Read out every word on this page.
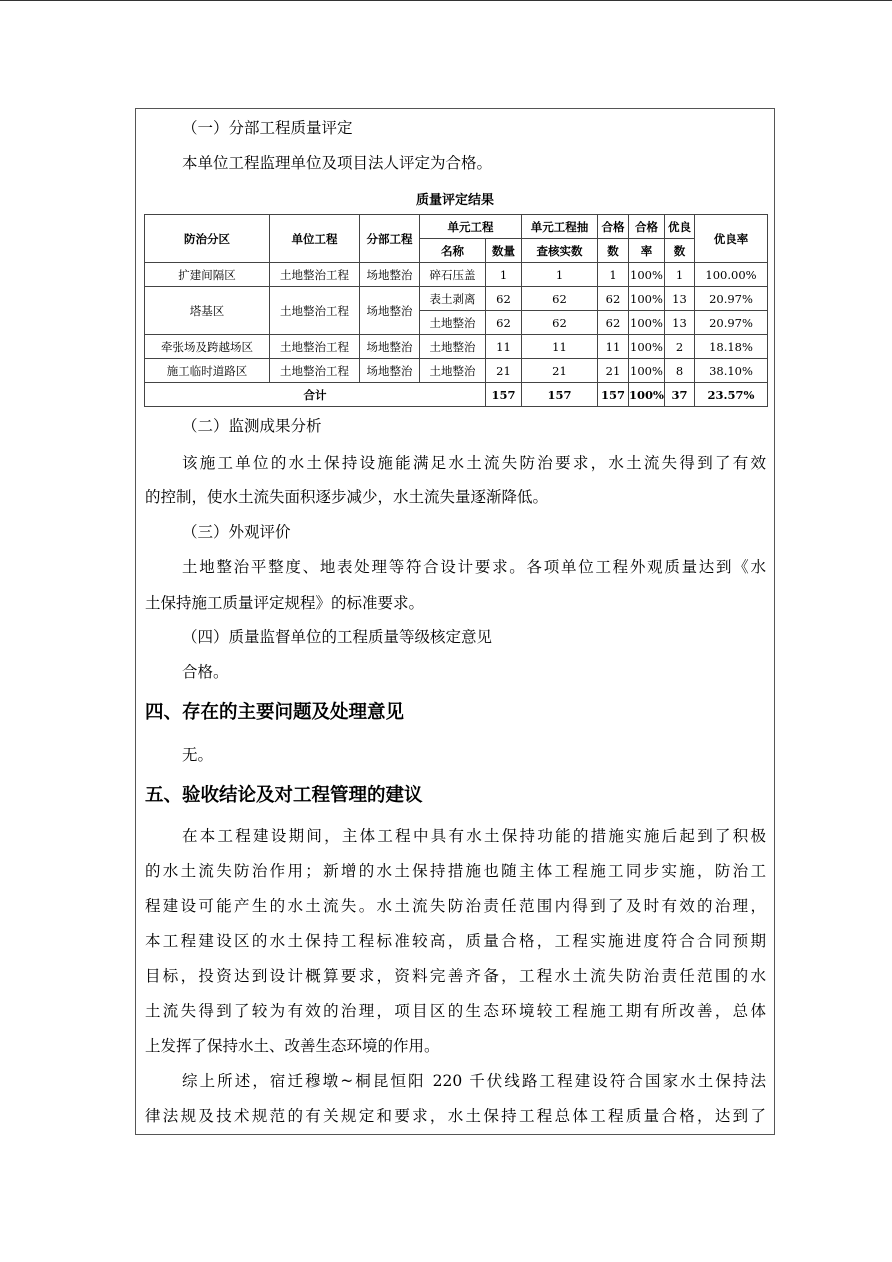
（一）分部工程质量评定
本单位工程监理单位及项目法人评定为合格。
质量评定结果
防治分区	单位工程	分部工程	单元工程		单元工程抽	合格	合格	优良	优良率
			名称	数量	查核实数	数	率	数	
扩建间隔区	土地整治工程	场地整治	碎石压盖	1	1	1	100%	1	100.00%
塔基区	土地整治工程	场地整治	表土剥离	62	62	62	100%	13	20.97%
			土地整治	62	62	62	100%	13	20.97%
牵张场及跨越场区	土地整治工程	场地整治	土地整治	11	11	11	100%	2	18.18%
施工临时道路区	土地整治工程	场地整治	土地整治	21	21	21	100%	8	38.10%
合计				157	157	157	100%	37	23.57%
（二）监测成果分析
该施工单位的水土保持设施能满足水土流失防治要求，水土流失得到了有效
的控制，使水土流失面积逐步减少，水土流失量逐渐降低。
（三）外观评价
土地整治平整度、地表处理等符合设计要求。各项单位工程外观质量达到《水
土保持施工质量评定规程》的标准要求。
（四）质量监督单位的工程质量等级核定意见
合格。
四、存在的主要问题及处理意见
无。
五、验收结论及对工程管理的建议
在本工程建设期间，主体工程中具有水土保持功能的措施实施后起到了积极
的水土流失防治作用；新增的水土保持措施也随主体工程施工同步实施，防治工
程建设可能产生的水土流失。水土流失防治责任范围内得到了及时有效的治理，
本工程建设区的水土保持工程标准较高，质量合格，工程实施进度符合合同预期
目标，投资达到设计概算要求，资料完善齐备，工程水土流失防治责任范围的水
土流失得到了较为有效的治理，项目区的生态环境较工程施工期有所改善，总体
上发挥了保持水土、改善生态环境的作用。
综上所述，宿迁穆墩~桐昆恒阳 220 千伏线路工程建设符合国家水土保持法
律法规及技术规范的有关规定和要求，水土保持工程总体工程质量合格，达到了
